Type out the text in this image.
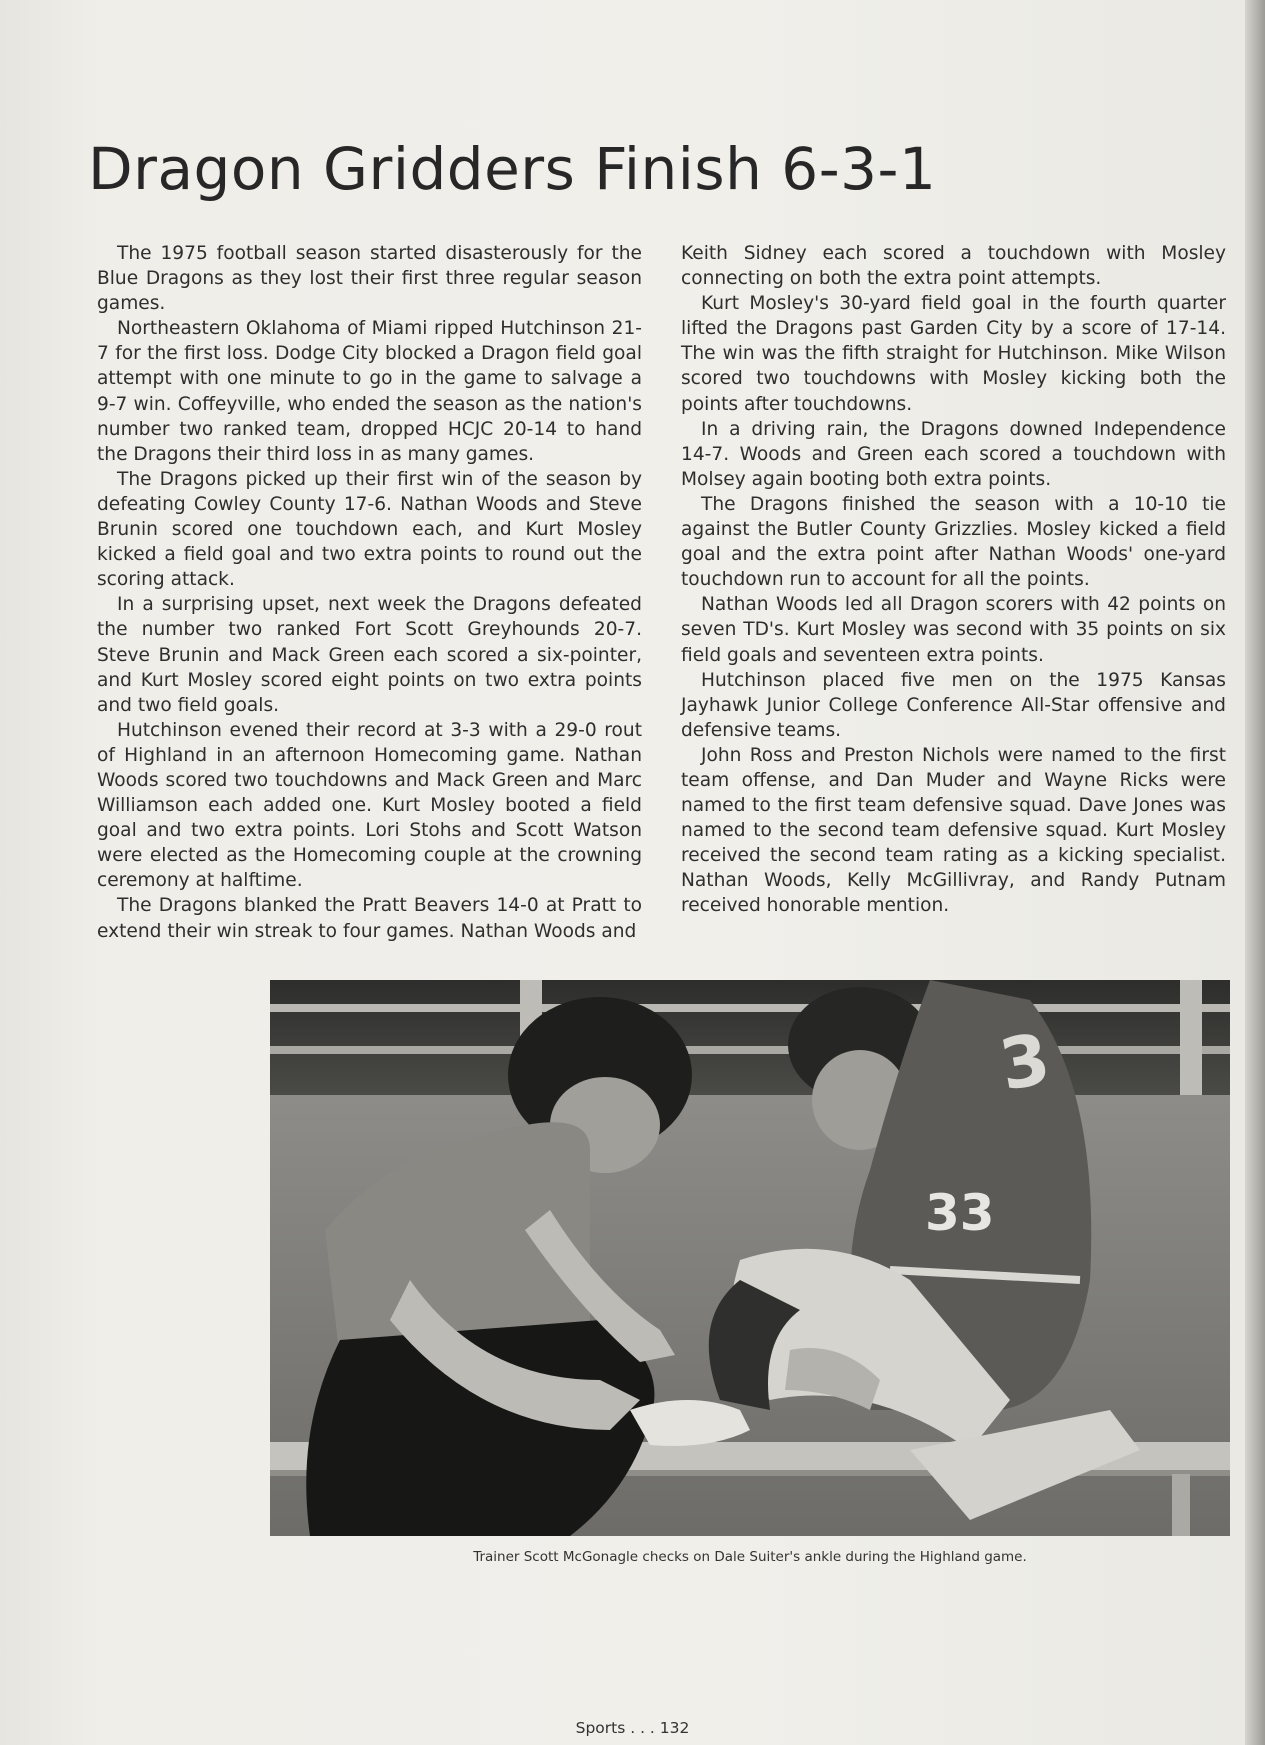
Dragon Gridders Finish 6-3-1

The 1975 football season started disasterously for the Blue Dragons as they lost their first three regular season games.

Northeastern Oklahoma of Miami ripped Hutchinson 21-7 for the first loss. Dodge City blocked a Dragon field goal attempt with one minute to go in the game to salvage a 9-7 win. Coffeyville, who ended the season as the nation's number two ranked team, dropped HCJC 20-14 to hand the Dragons their third loss in as many games.

The Dragons picked up their first win of the season by defeating Cowley County 17-6. Nathan Woods and Steve Brunin scored one touchdown each, and Kurt Mosley kicked a field goal and two extra points to round out the scoring attack.

In a surprising upset, next week the Dragons defeated the number two ranked Fort Scott Greyhounds 20-7. Steve Brunin and Mack Green each scored a six-pointer, and Kurt Mosley scored eight points on two extra points and two field goals.

Hutchinson evened their record at 3-3 with a 29-0 rout of Highland in an afternoon Homecoming game. Nathan Woods scored two touchdowns and Mack Green and Marc Williamson each added one. Kurt Mosley booted a field goal and two extra points. Lori Stohs and Scott Watson were elected as the Homecoming couple at the crowning ceremony at halftime.

The Dragons blanked the Pratt Beavers 14-0 at Pratt to extend their win streak to four games. Nathan Woods and

Keith Sidney each scored a touchdown with Mosley connecting on both the extra point attempts.

Kurt Mosley's 30-yard field goal in the fourth quarter lifted the Dragons past Garden City by a score of 17-14. The win was the fifth straight for Hutchinson. Mike Wilson scored two touchdowns with Mosley kicking both the points after touchdowns.

In a driving rain, the Dragons downed Independence 14-7. Woods and Green each scored a touchdown with Molsey again booting both extra points.

The Dragons finished the season with a 10-10 tie against the Butler County Grizzlies. Mosley kicked a field goal and the extra point after Nathan Woods' one-yard touchdown run to account for all the points.

Nathan Woods led all Dragon scorers with 42 points on seven TD's. Kurt Mosley was second with 35 points on six field goals and seventeen extra points.

Hutchinson placed five men on the 1975 Kansas Jayhawk Junior College Conference All-Star offensive and defensive teams.

John Ross and Preston Nichols were named to the first team offense, and Dan Muder and Wayne Ricks were named to the first team defensive squad. Dave Jones was named to the second team defensive squad. Kurt Mosley received the second team rating as a kicking specialist. Nathan Woods, Kelly McGillivray, and Randy Putnam received honorable mention.

33
3

Trainer Scott McGonagle checks on Dale Suiter's ankle during the Highland game.

Sports . . . 132
